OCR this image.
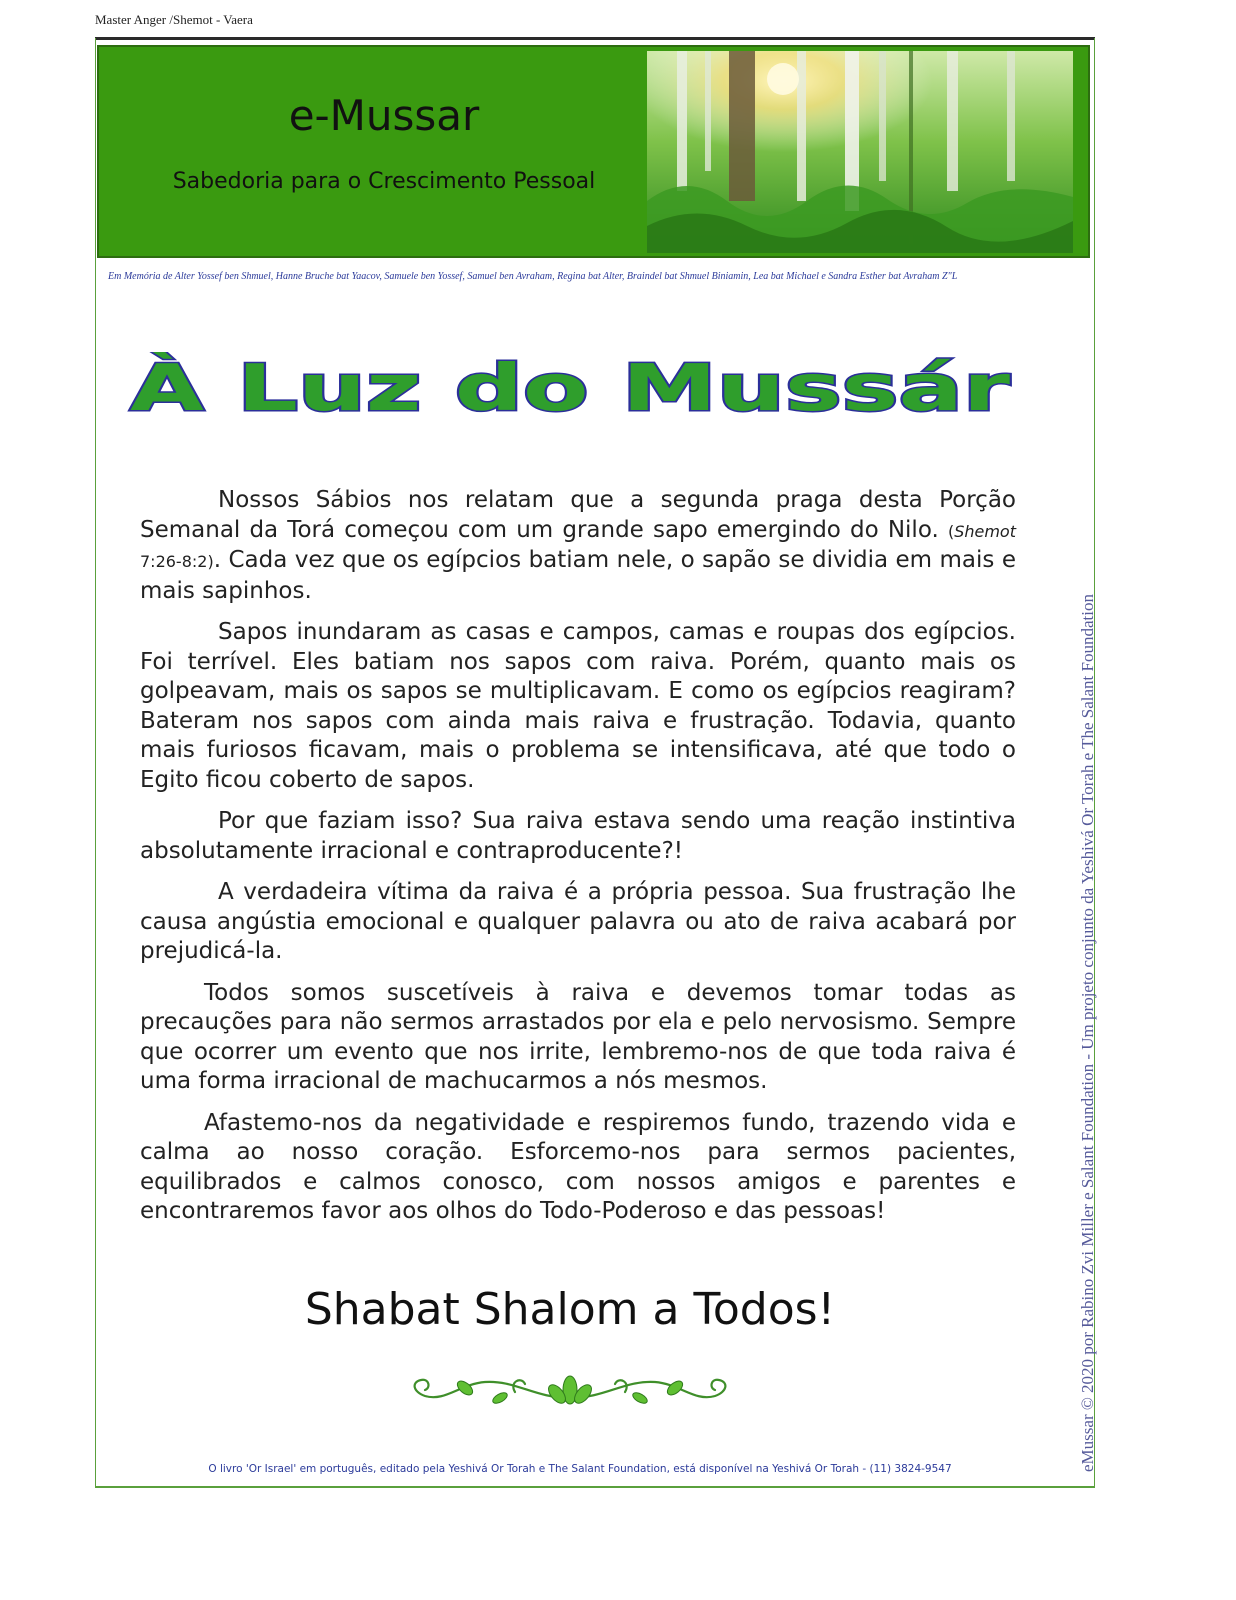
Master Anger /Shemot - Vaera
e-Mussar
Sabedoria para o Crescimento Pessoal
Em Memória de Alter Yossef ben Shmuel, Hanne Bruche bat Yaacov, Samuele ben Yossef, Samuel ben Avraham, Regina bat Alter, Braindel bat Shmuel Biniamin, Lea bat Michael e Sandra Esther bat Avraham Z"L
À Luz do Mussár

Nossos Sábios nos relatam que a segunda praga desta Porção Semanal da Torá começou com um grande sapo emergindo do Nilo. (Shemot 7:26-8:2). Cada vez que os egípcios batiam nele, o sapão se dividia em mais e mais sapinhos.

Sapos inundaram as casas e campos, camas e roupas dos egípcios. Foi terrível. Eles batiam nos sapos com raiva. Porém, quanto mais os golpeavam, mais os sapos se multiplicavam. E como os egípcios reagiram? Bateram nos sapos com ainda mais raiva e frustração. Todavia, quanto mais furiosos ficavam, mais o problema se intensificava, até que todo o Egito ficou coberto de sapos.

Por que faziam isso? Sua raiva estava sendo uma reação instintiva absolutamente irracional e contraproducente?!

A verdadeira vítima da raiva é a própria pessoa. Sua frustração lhe causa angústia emocional e qualquer palavra ou ato de raiva acabará por prejudicá-la.

Todos somos suscetíveis à raiva e devemos tomar todas as precauções para não sermos arrastados por ela e pelo nervosismo. Sempre que ocorrer um evento que nos irrite, lembremo-nos de que toda raiva é uma forma irracional de machucarmos a nós mesmos.

Afastemo-nos da negatividade e respiremos fundo, trazendo vida e calma ao nosso coração. Esforcemo-nos para sermos pacientes, equilibrados e calmos conosco, com nossos amigos e parentes e encontraremos favor aos olhos do Todo-Poderoso e das pessoas!

Shabat Shalom a Todos!
O livro 'Or Israel' em português, editado pela Yeshivá Or Torah e The Salant Foundation, está disponível na Yeshivá Or Torah - (11) 3824-9547	eMussar © 2020 por Rabino Zvi Miller e Salant Foundation - Um projeto conjunto da Yeshivá Or Torah e The Salant Foundation
